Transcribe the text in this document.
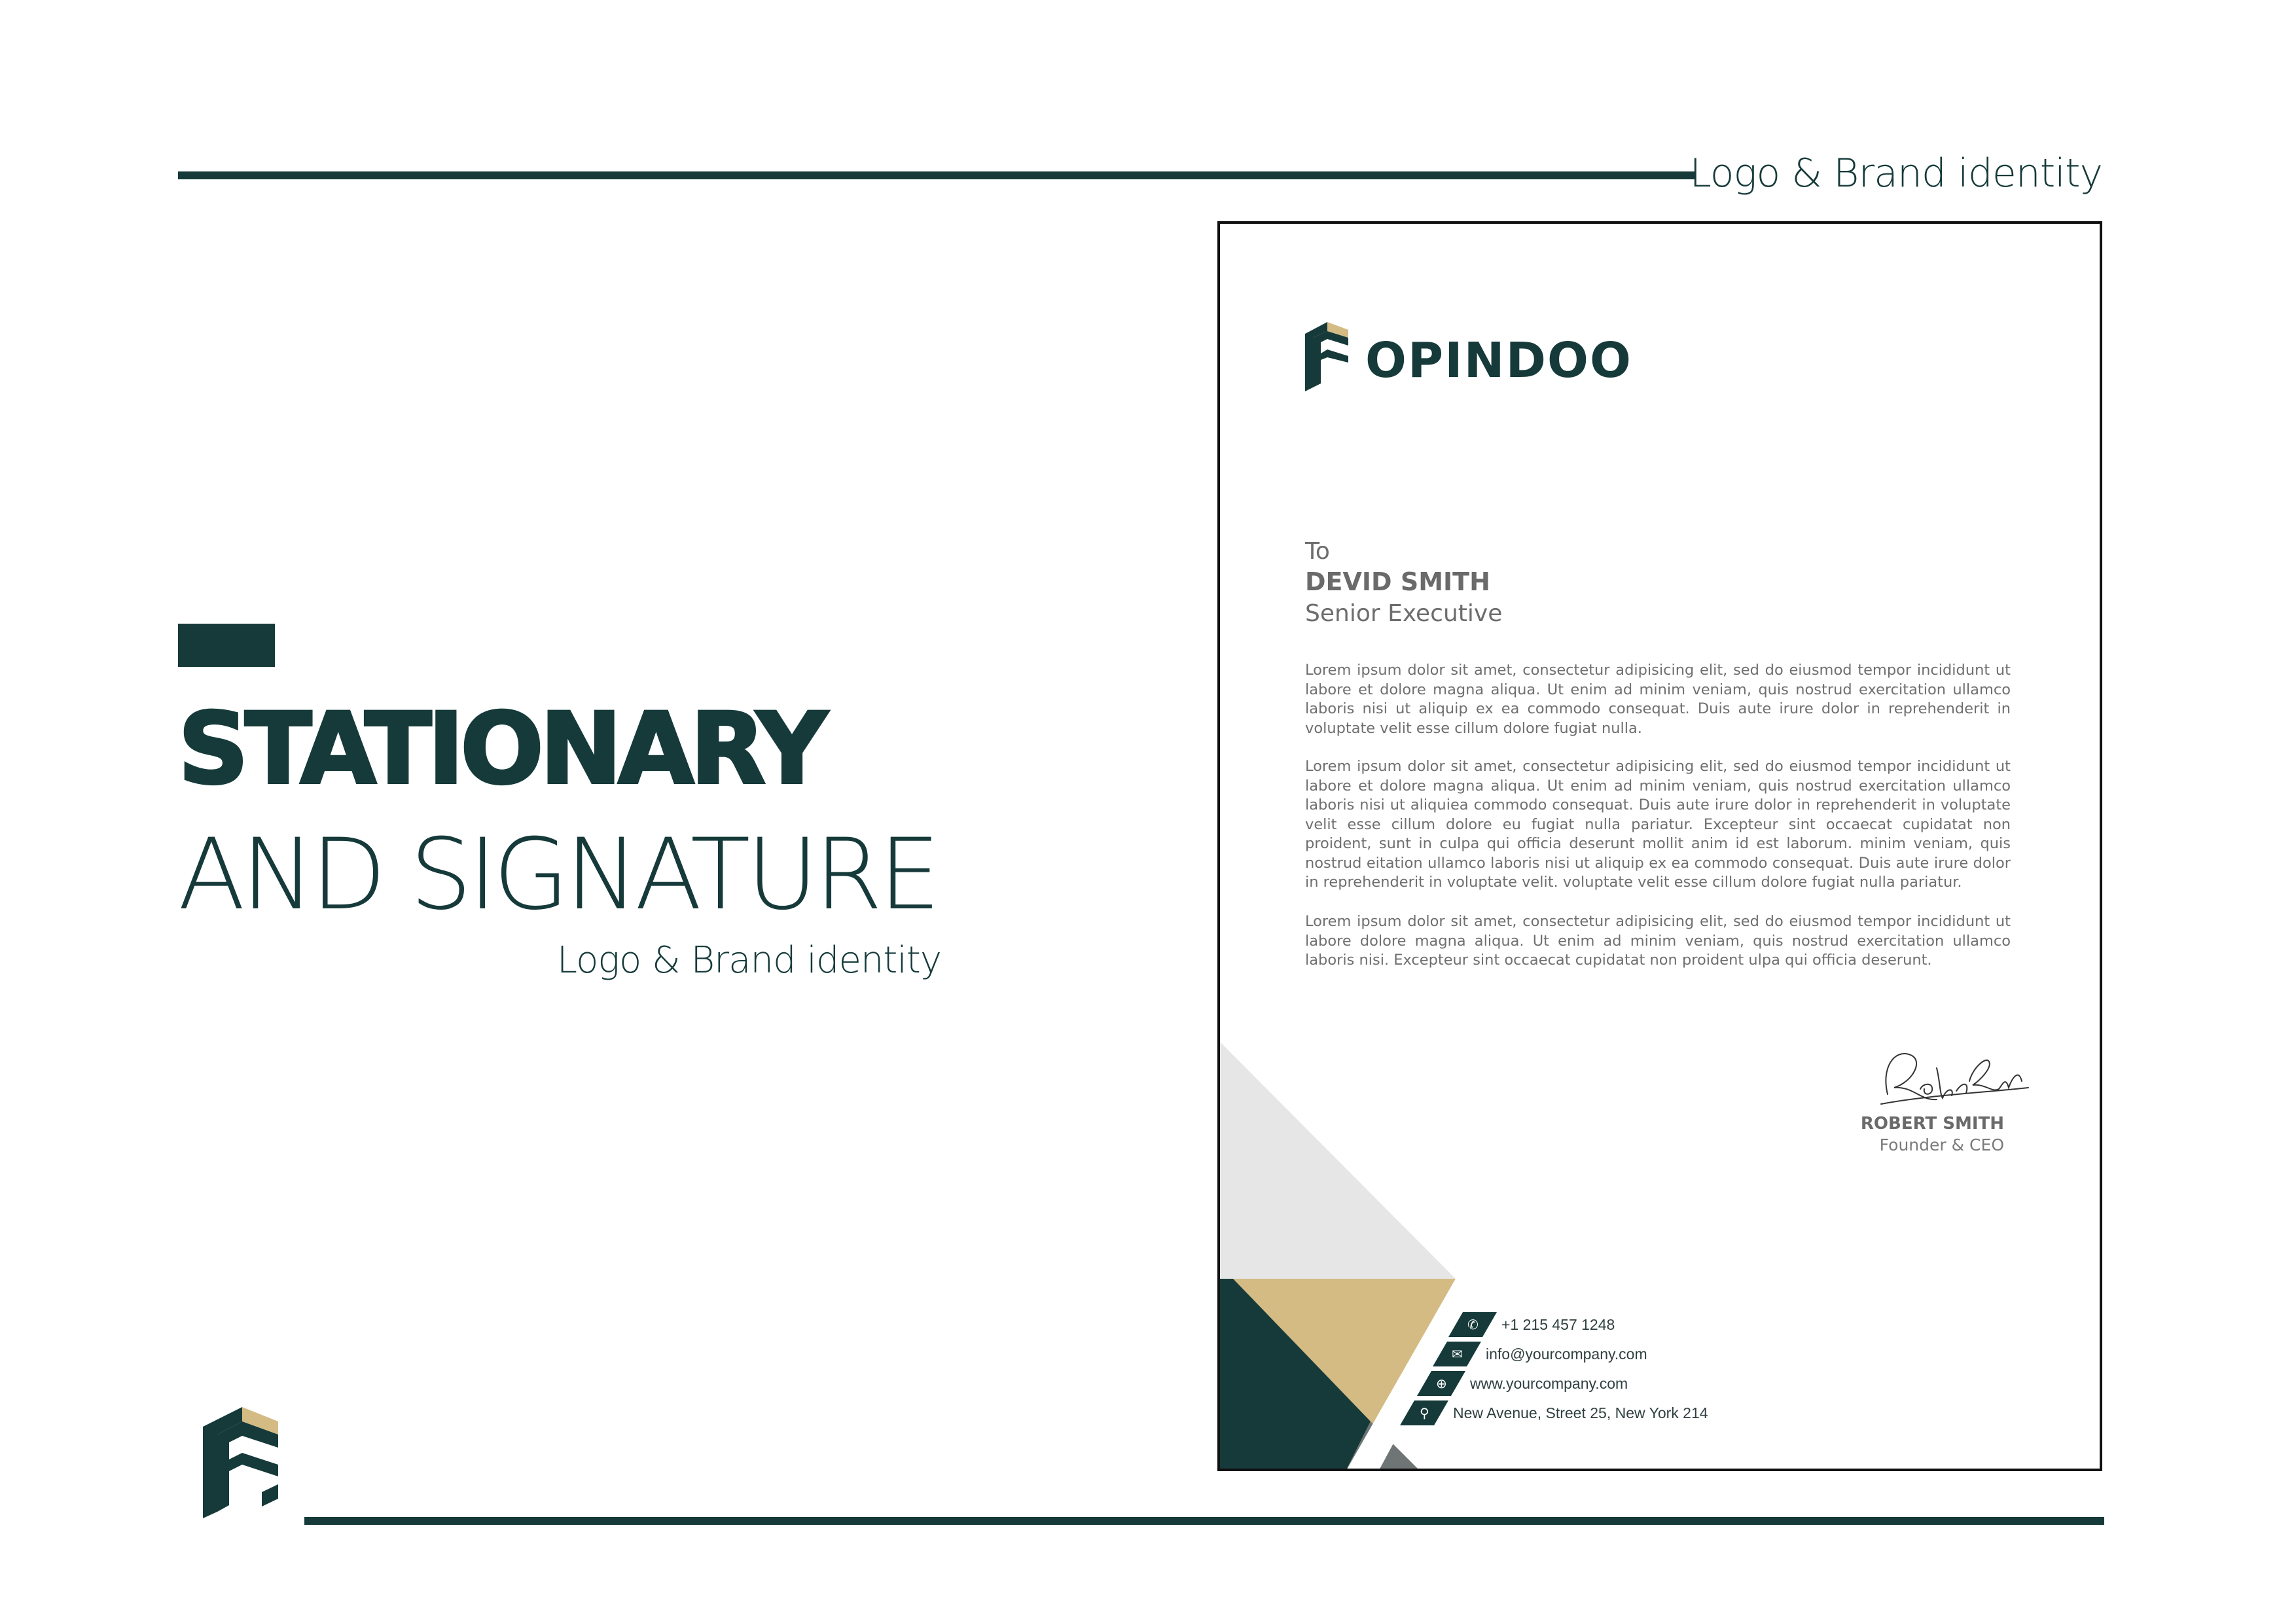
Logo & Brand identity
STATIONARY
AND SIGNATURE
Logo & Brand identity
OPINDOO
To
DEVID SMITH
Senior Executive
Lorem ipsum dolor sit amet, consectetur adipisicing elit, sed do eiusmod tempor incididunt ut labore et dolore magna aliqua. Ut enim ad minim veniam, quis nostrud exercitation ullamco laboris nisi ut aliquip ex ea commodo consequat. Duis aute irure dolor in reprehenderit in voluptate velit esse cillum dolore fugiat nulla.
Lorem ipsum dolor sit amet, consectetur adipisicing elit, sed do eiusmod tempor incididunt ut labore et dolore magna aliqua. Ut enim ad minim veniam, quis nostrud exercitation ullamco laboris nisi ut aliquiea commodo consequat. Duis aute irure dolor in reprehenderit in voluptate velit esse cillum dolore eu fugiat nulla pariatur. Excepteur sint occaecat cupidatat non proident, sunt in culpa qui officia deserunt mollit anim id est laborum. minim veniam, quis nostrud eitation ullamco laboris nisi ut aliquip ex ea commodo consequat. Duis aute irure dolor in reprehenderit in voluptate velit. voluptate velit esse cillum dolore fugiat nulla pariatur.
Lorem ipsum dolor sit amet, consectetur adipisicing elit, sed do eiusmod tempor incididunt ut labore dolore magna aliqua. Ut enim ad minim veniam, quis nostrud exercitation ullamco laboris nisi. Excepteur sint occaecat cupidatat non proident ulpa qui officia deserunt.
ROBERT SMITH
Founder & CEO
✆ +1 215 457 1248
✉ info@yourcompany.com
⊕ www.yourcompany.com
⚲ New Avenue, Street 25, New York 214
